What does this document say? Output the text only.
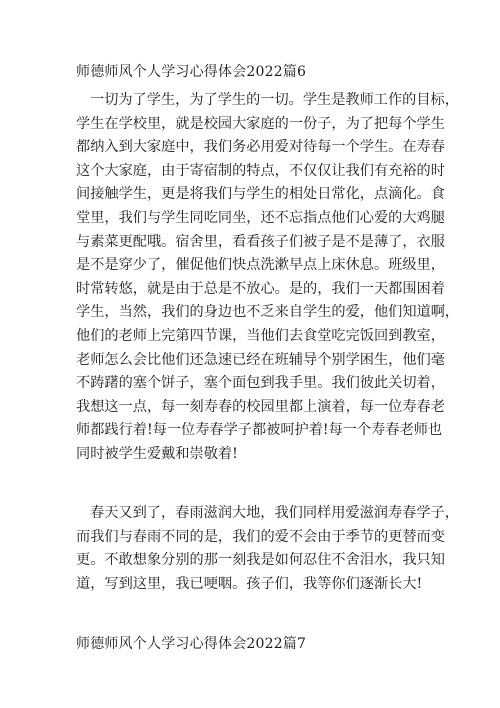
师德师风个人学习心得体会2022篇6
一切为了学生，为了学生的一切。学生是教师工作的目标，
学生在学校里，就是校园大家庭的一份子，为了把每个学生
都纳入到大家庭中，我们务必用爱对待每一个学生。在寿春
这个大家庭，由于寄宿制的特点，不仅仅让我们有充裕的时
间接触学生，更是将我们与学生的相处日常化，点滴化。食
堂里，我们与学生同吃同坐，还不忘指点他们心爱的大鸡腿
与素菜更配哦。宿舍里，看看孩子们被子是不是薄了，衣服
是不是穿少了，催促他们快点洗漱早点上床休息。班级里，
时常转悠，就是由于总是不放心。是的，我们一天都围困着
学生，当然，我们的身边也不乏来自学生的爱，他们知道啊，
他们的老师上完第四节课，当他们去食堂吃完饭回到教室，
老师怎么会比他们还急速已经在班辅导个别学困生，他们毫
不踌躇的塞个饼子，塞个面包到我手里。我们彼此关切着，
我想这一点，每一刻寿春的校园里都上演着，每一位寿春老
师都践行着!每一位寿春学子都被呵护着!每一个寿春老师也
同时被学生爱戴和崇敬着!
春天又到了，春雨滋润大地，我们同样用爱滋润寿春学子，
而我们与春雨不同的是，我们的爱不会由于季节的更替而变
更。不敢想象分别的那一刻我是如何忍住不舍泪水，我只知
道，写到这里，我已哽咽。孩子们，我等你们逐渐长大!
师德师风个人学习心得体会2022篇7
